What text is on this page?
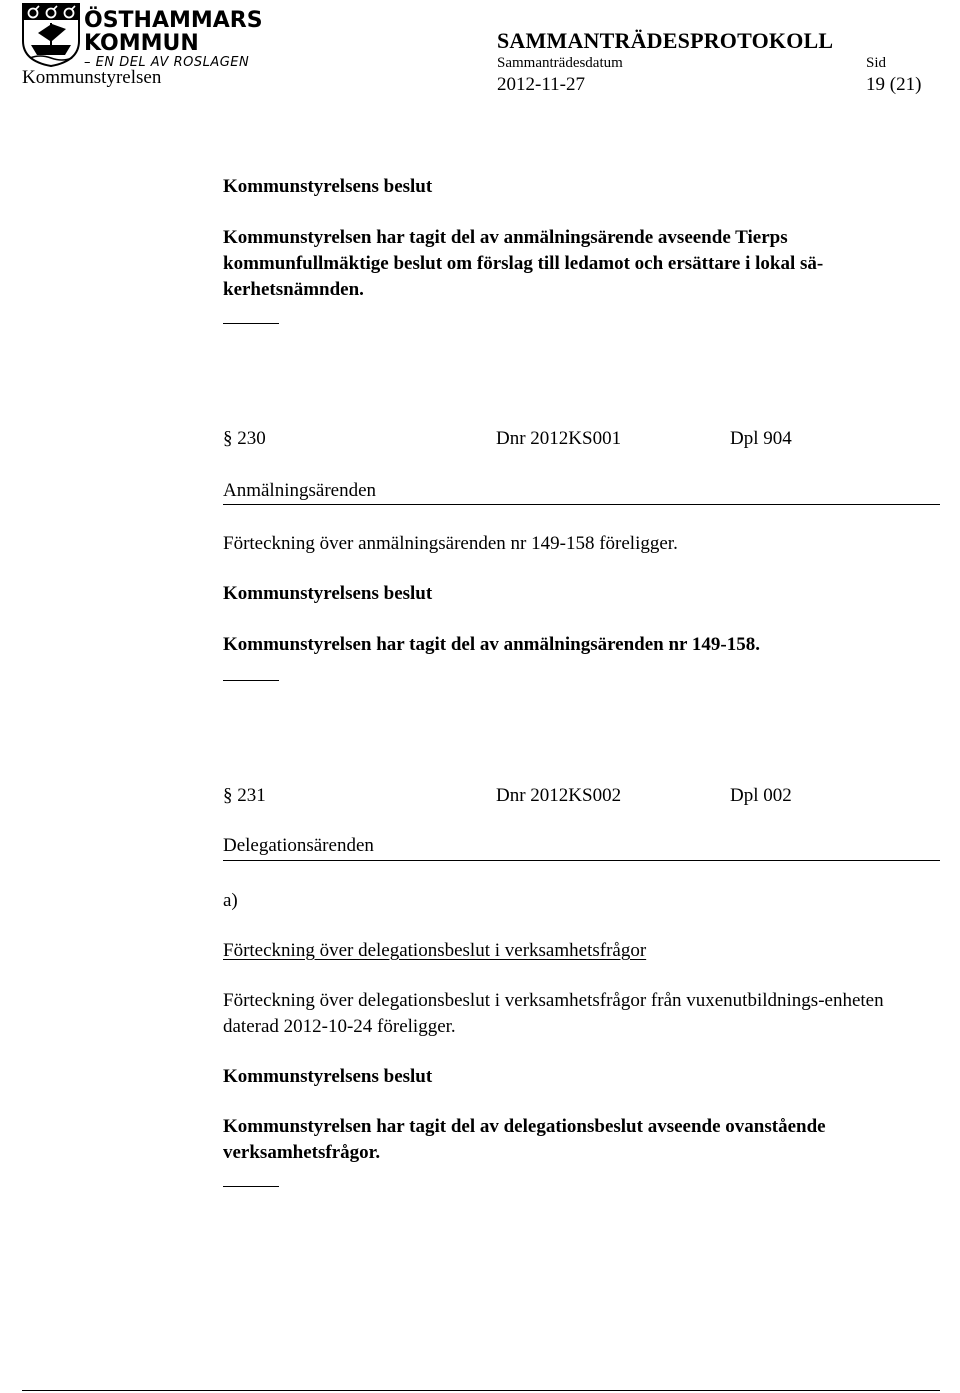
ÖSTHAMMARS
KOMMUN
– EN DEL AV ROSLAGEN
Kommunstyrelsen
SAMMANTRÄDESPROTOKOLL
Sammanträdesdatum	Sid
2012-11-27	19 (21)
Kommunstyrelsens beslut
Kommunstyrelsen har tagit del av anmälningsärende avseende Tierps kommunfullmäktige beslut om förslag till ledamot och ersättare i lokal sä-kerhetsnämnden.
§ 230	Dnr 2012KS001	Dpl 904
Anmälningsärenden
Förteckning över anmälningsärenden nr 149-158 föreligger.
Kommunstyrelsens beslut
Kommunstyrelsen har tagit del av anmälningsärenden nr 149-158.
§ 231	Dnr 2012KS002	Dpl 002
Delegationsärenden
a)
Förteckning över delegationsbeslut i verksamhetsfrågor
Förteckning över delegationsbeslut i verksamhetsfrågor från vuxenutbildnings-enheten daterad 2012-10-24 föreligger.
Kommunstyrelsens beslut
Kommunstyrelsen har tagit del av delegationsbeslut avseende ovanstående verksamhetsfrågor.
